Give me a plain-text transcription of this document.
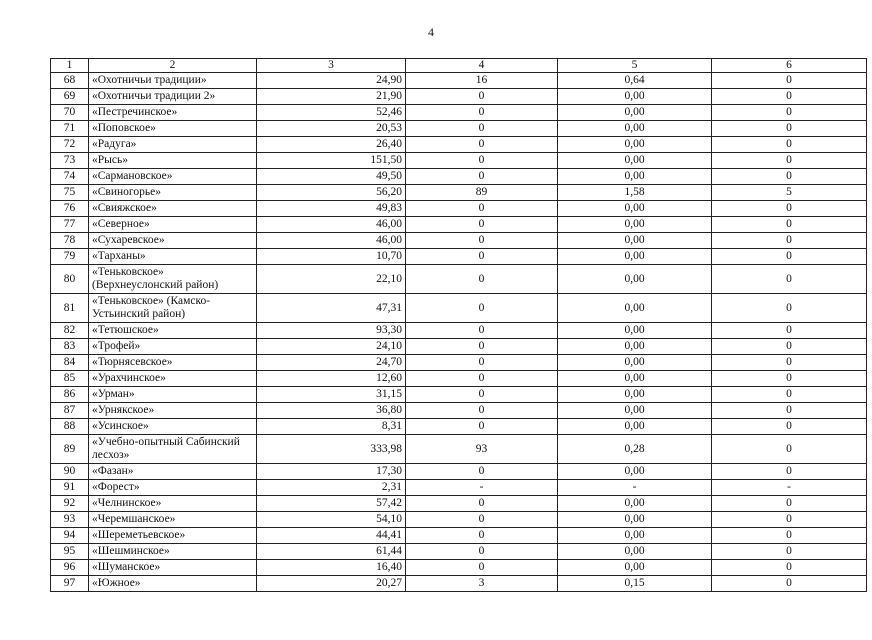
4
1	2	3	4	5	6
68	«Охотничьи традиции»	24,90	16	0,64	0
69	«Охотничьи традиции 2»	21,90	0	0,00	0
70	«Пестречинское»	52,46	0	0,00	0
71	«Поповское»	20,53	0	0,00	0
72	«Радуга»	26,40	0	0,00	0
73	«Рысь»	151,50	0	0,00	0
74	«Сармановское»	49,50	0	0,00	0
75	«Свиногорье»	56,20	89	1,58	5
76	«Свияжское»	49,83	0	0,00	0
77	«Северное»	46,00	0	0,00	0
78	«Сухаревское»	46,00	0	0,00	0
79	«Тарханы»	10,70	0	0,00	0
80	«Теньковское» (Верхнеуслонский район)	22,10	0	0,00	0
81	«Теньковское» (Камско-Устьинский район)	47,31	0	0,00	0
82	«Тетюшское»	93,30	0	0,00	0
83	«Трофей»	24,10	0	0,00	0
84	«Тюрнясевское»	24,70	0	0,00	0
85	«Урахчинское»	12,60	0	0,00	0
86	«Урман»	31,15	0	0,00	0
87	«Урнякское»	36,80	0	0,00	0
88	«Усинское»	8,31	0	0,00	0
89	«Учебно-опытный Сабинский лесхоз»	333,98	93	0,28	0
90	«Фазан»	17,30	0	0,00	0
91	«Форест»	2,31	-	-	-
92	«Челнинское»	57,42	0	0,00	0
93	«Черемшанское»	54,10	0	0,00	0
94	«Шереметьевское»	44,41	0	0,00	0
95	«Шешминское»	61,44	0	0,00	0
96	«Шуманское»	16,40	0	0,00	0
97	«Южное»	20,27	3	0,15	0
